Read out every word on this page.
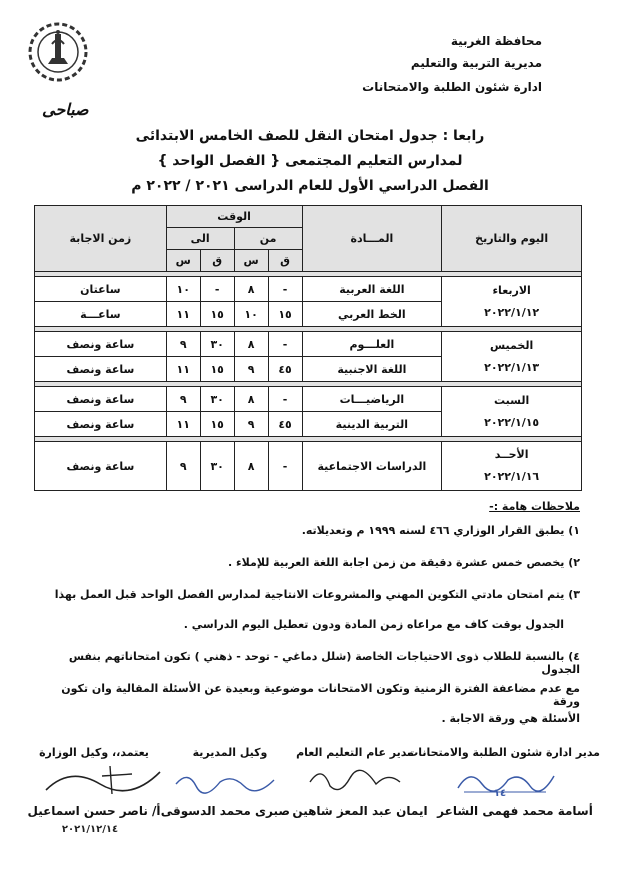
محافظة الغربية
مديرية التربية والتعليم
ادارة شئون الطلبة والامتحانات
صباحى
رابعا : جدول امتحان النقل للصف الخامس الابتدائى
لمدارس التعليم المجتمعى { الفصل الواحد }
الفصل الدراسي الأول للعام الدراسى ٢٠٢١ / ٢٠٢٢ م
اليوم والتاريخ	المـــادة	الوقت				زمن الاجابة
		من		الى		
		ق	س	ق	س	

الاربعاء
٢٠٢٢/١/١٢	اللغة العربية	-	٨	-	١٠	ساعتان
	الخط العربي	١٥	١٠	١٥	١١	ساعـــة

الخميس
٢٠٢٢/١/١٣	العلـــوم	-	٨	٣٠	٩	ساعة ونصف
	اللغة الاجنبية	٤٥	٩	١٥	١١	ساعة ونصف

السبت
٢٠٢٢/١/١٥	الرياضيـــات	-	٨	٣٠	٩	ساعة ونصف
	التربية الدينية	٤٥	٩	١٥	١١	ساعة ونصف

الأحــد
٢٠٢٢/١/١٦	الدراسات الاجتماعية	-	٨	٣٠	٩	ساعة ونصف
ملاحظات هامة :-
١) يطبق القرار الوزاري ٤٦٦ لسنه ١٩٩٩ م وتعديلاته.
٢) يخصص خمس عشرة دقيقة من زمن اجابة اللغة العربية للإملاء .
٣) يتم امتحان مادتي التكوين المهني والمشروعات الانتاجية لمدارس الفصل الواحد قبل العمل بهذا
الجدول بوقت كاف مع مراعاه زمن المادة ودون تعطيل اليوم الدراسي .
٤) بالنسبة للطلاب ذوى الاحتياجات الخاصة (شلل دماغي - توحد - ذهني ) تكون امتحاناتهم بنفس الجدول
مع عدم مضاعفة الفترة الزمنية وتكون الامتحانات موضوعية وبعيدة عن الأسئلة المقالية وان تكون ورقة
الأسئلة هي ورقة الاجابة .
مدير ادارة شئون الطلبة والامتحانات
مدير عام التعليم العام
وكيل المديرية
يعتمد،، وكيل الوزارة
١٤
أسامة محمد فهمى الشاعر
ايمان عبد المعز شاهين
صبرى محمد الدسوقى
أ/ ناصر حسن اسماعيل
٢٠٢١/١٢/١٤
